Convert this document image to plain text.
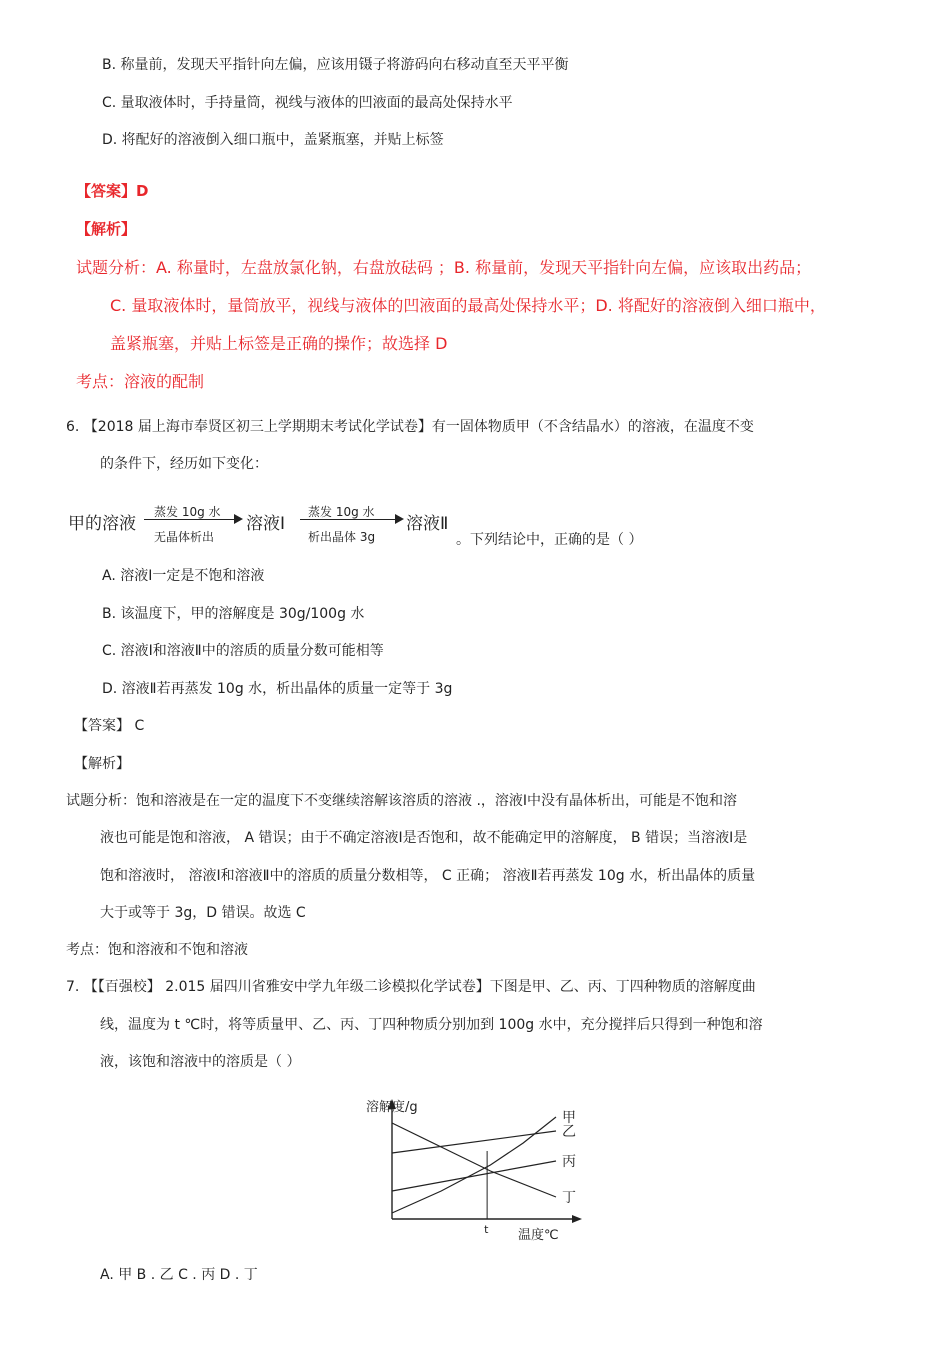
B. 称量前，发现天平指针向左偏，应该用镊子将游码向右移动直至天平平衡
C. 量取液体时，手持量筒，视线与液体的凹液面的最高处保持水平
D. 将配好的溶液倒入细口瓶中，盖紧瓶塞，并贴上标签
【答案】D
【解析】
试题分析：A. 称量时，左盘放氯化钠，右盘放砝码 ；B. 称量前，发现天平指针向左偏，应该取出药品；
C. 量取液体时，量筒放平，视线与液体的凹液面的最高处保持水平；D. 将配好的溶液倒入细口瓶中，
盖紧瓶塞，并贴上标签是正确的操作；故选择 D
考点：溶液的配制
6. 【2018 届上海市奉贤区初三上学期期末考试化学试卷】有一固体物质甲（不含结晶水）的溶液，在温度不变
的条件下，经历如下变化：
甲的溶液
蒸发 10g 水
无晶体析出
溶液Ⅰ
蒸发 10g 水
析出晶体 3g
溶液Ⅱ
。下列结论中，正确的是（ ）
A. 溶液Ⅰ一定是不饱和溶液
B. 该温度下，甲的溶解度是 30g/100g 水
C. 溶液Ⅰ和溶液Ⅱ中的溶质的质量分数可能相等
D. 溶液Ⅱ若再蒸发 10g 水，析出晶体的质量一定等于 3g
【答案】 C
【解析】
试题分析：饱和溶液是在一定的温度下不变继续溶解该溶质的溶液 .，溶液Ⅰ中没有晶体析出，可能是不饱和溶
液也可能是饱和溶液， A 错误；由于不确定溶液Ⅰ是否饱和，故不能确定甲的溶解度， B 错误；当溶液Ⅰ是
饱和溶液时， 溶液Ⅰ和溶液Ⅱ中的溶质的质量分数相等， C 正确； 溶液Ⅱ若再蒸发 10g 水，析出晶体的质量
大于或等于 3g，D 错误。故选 C
考点：饱和溶液和不饱和溶液
7. 【【百强校】 2.015 届四川省雅安中学九年级二诊模拟化学试卷】下图是甲、乙、丙、丁四种物质的溶解度曲
线，温度为 t ℃时，将等质量甲、乙、丙、丁四种物质分别加到 100g 水中，充分搅拌后只得到一种饱和溶
液，该饱和溶液中的溶质是（ ）
溶解度/g
t 温度℃
甲
乙
丙
丁
A. 甲 B . 乙 C . 丙 D . 丁
